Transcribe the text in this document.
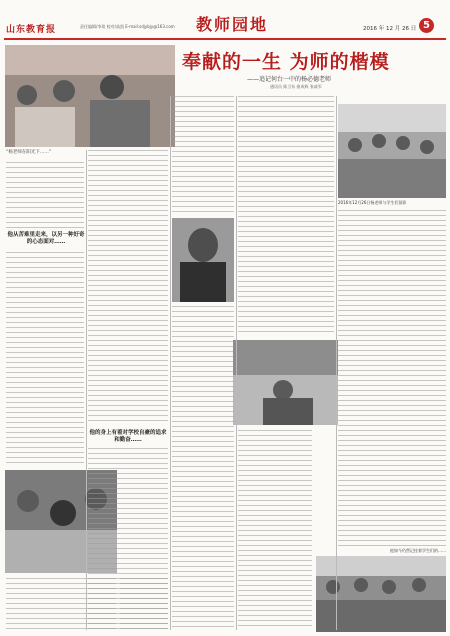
山东教育报	责任编辑/李琰 校对/高凯 E-mail:sdjybjy@163.com 教师园地	2016 年 12 月 26 日 5
奉献的一生 为师的楷模
——追记何台一中的杨必德老师
通讯员 陈卫东 曲成辉 张咸军
“杨老师在阳光下……”
2016年12月26日杨老师与学生们留影
他如今仍然记挂着学生们的……
他从苦难里走来，以另一种好奇的心态面对……
他的身上有着对学校自豪的追求和勤奋……
